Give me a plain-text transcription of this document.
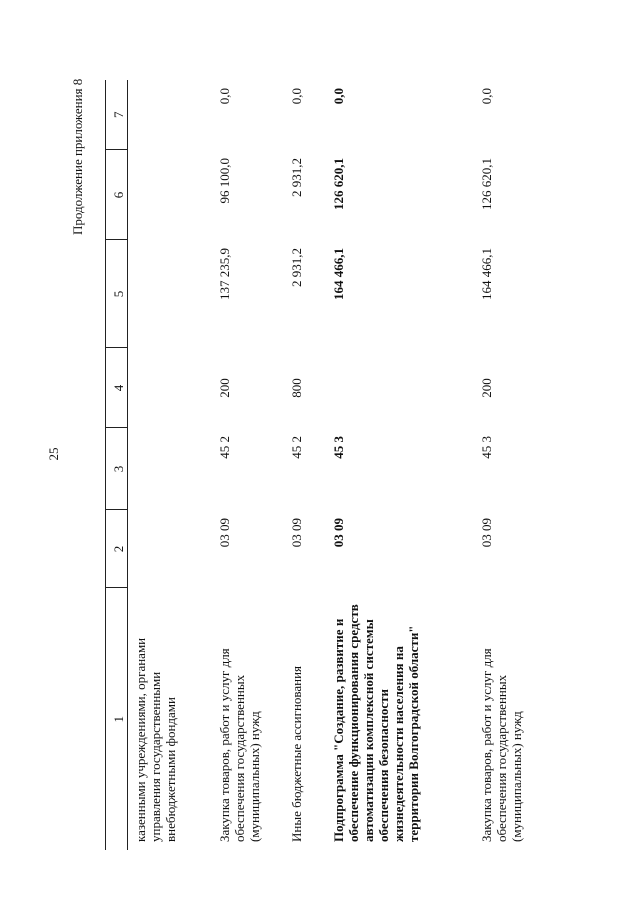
25
Продолжение приложения 8
1	2	3	4	5	6	7
казенными учреждениями, органами управления государственными внебюджетными фондами						
Закупка товаров, работ и услуг для обеспечения государственных (муниципальных) нужд	03 09	45 2	200	137 235,9	96 100,0	0,0
Иные бюджетные ассигнования	03 09	45 2	800	2 931,2	2 931,2	0,0
Подпрограмма "Создание, развитие и обеспечение функционирования средств автоматизации комплексной системы обеспечения безопасности жизнедеятельности населения на территории Волгоградской области"	03 09	45 3		164 466,1	126 620,1	0,0
Закупка товаров, работ и услуг для обеспечения государственных (муниципальных) нужд	03 09	45 3	200	164 466,1	126 620,1	0,0
